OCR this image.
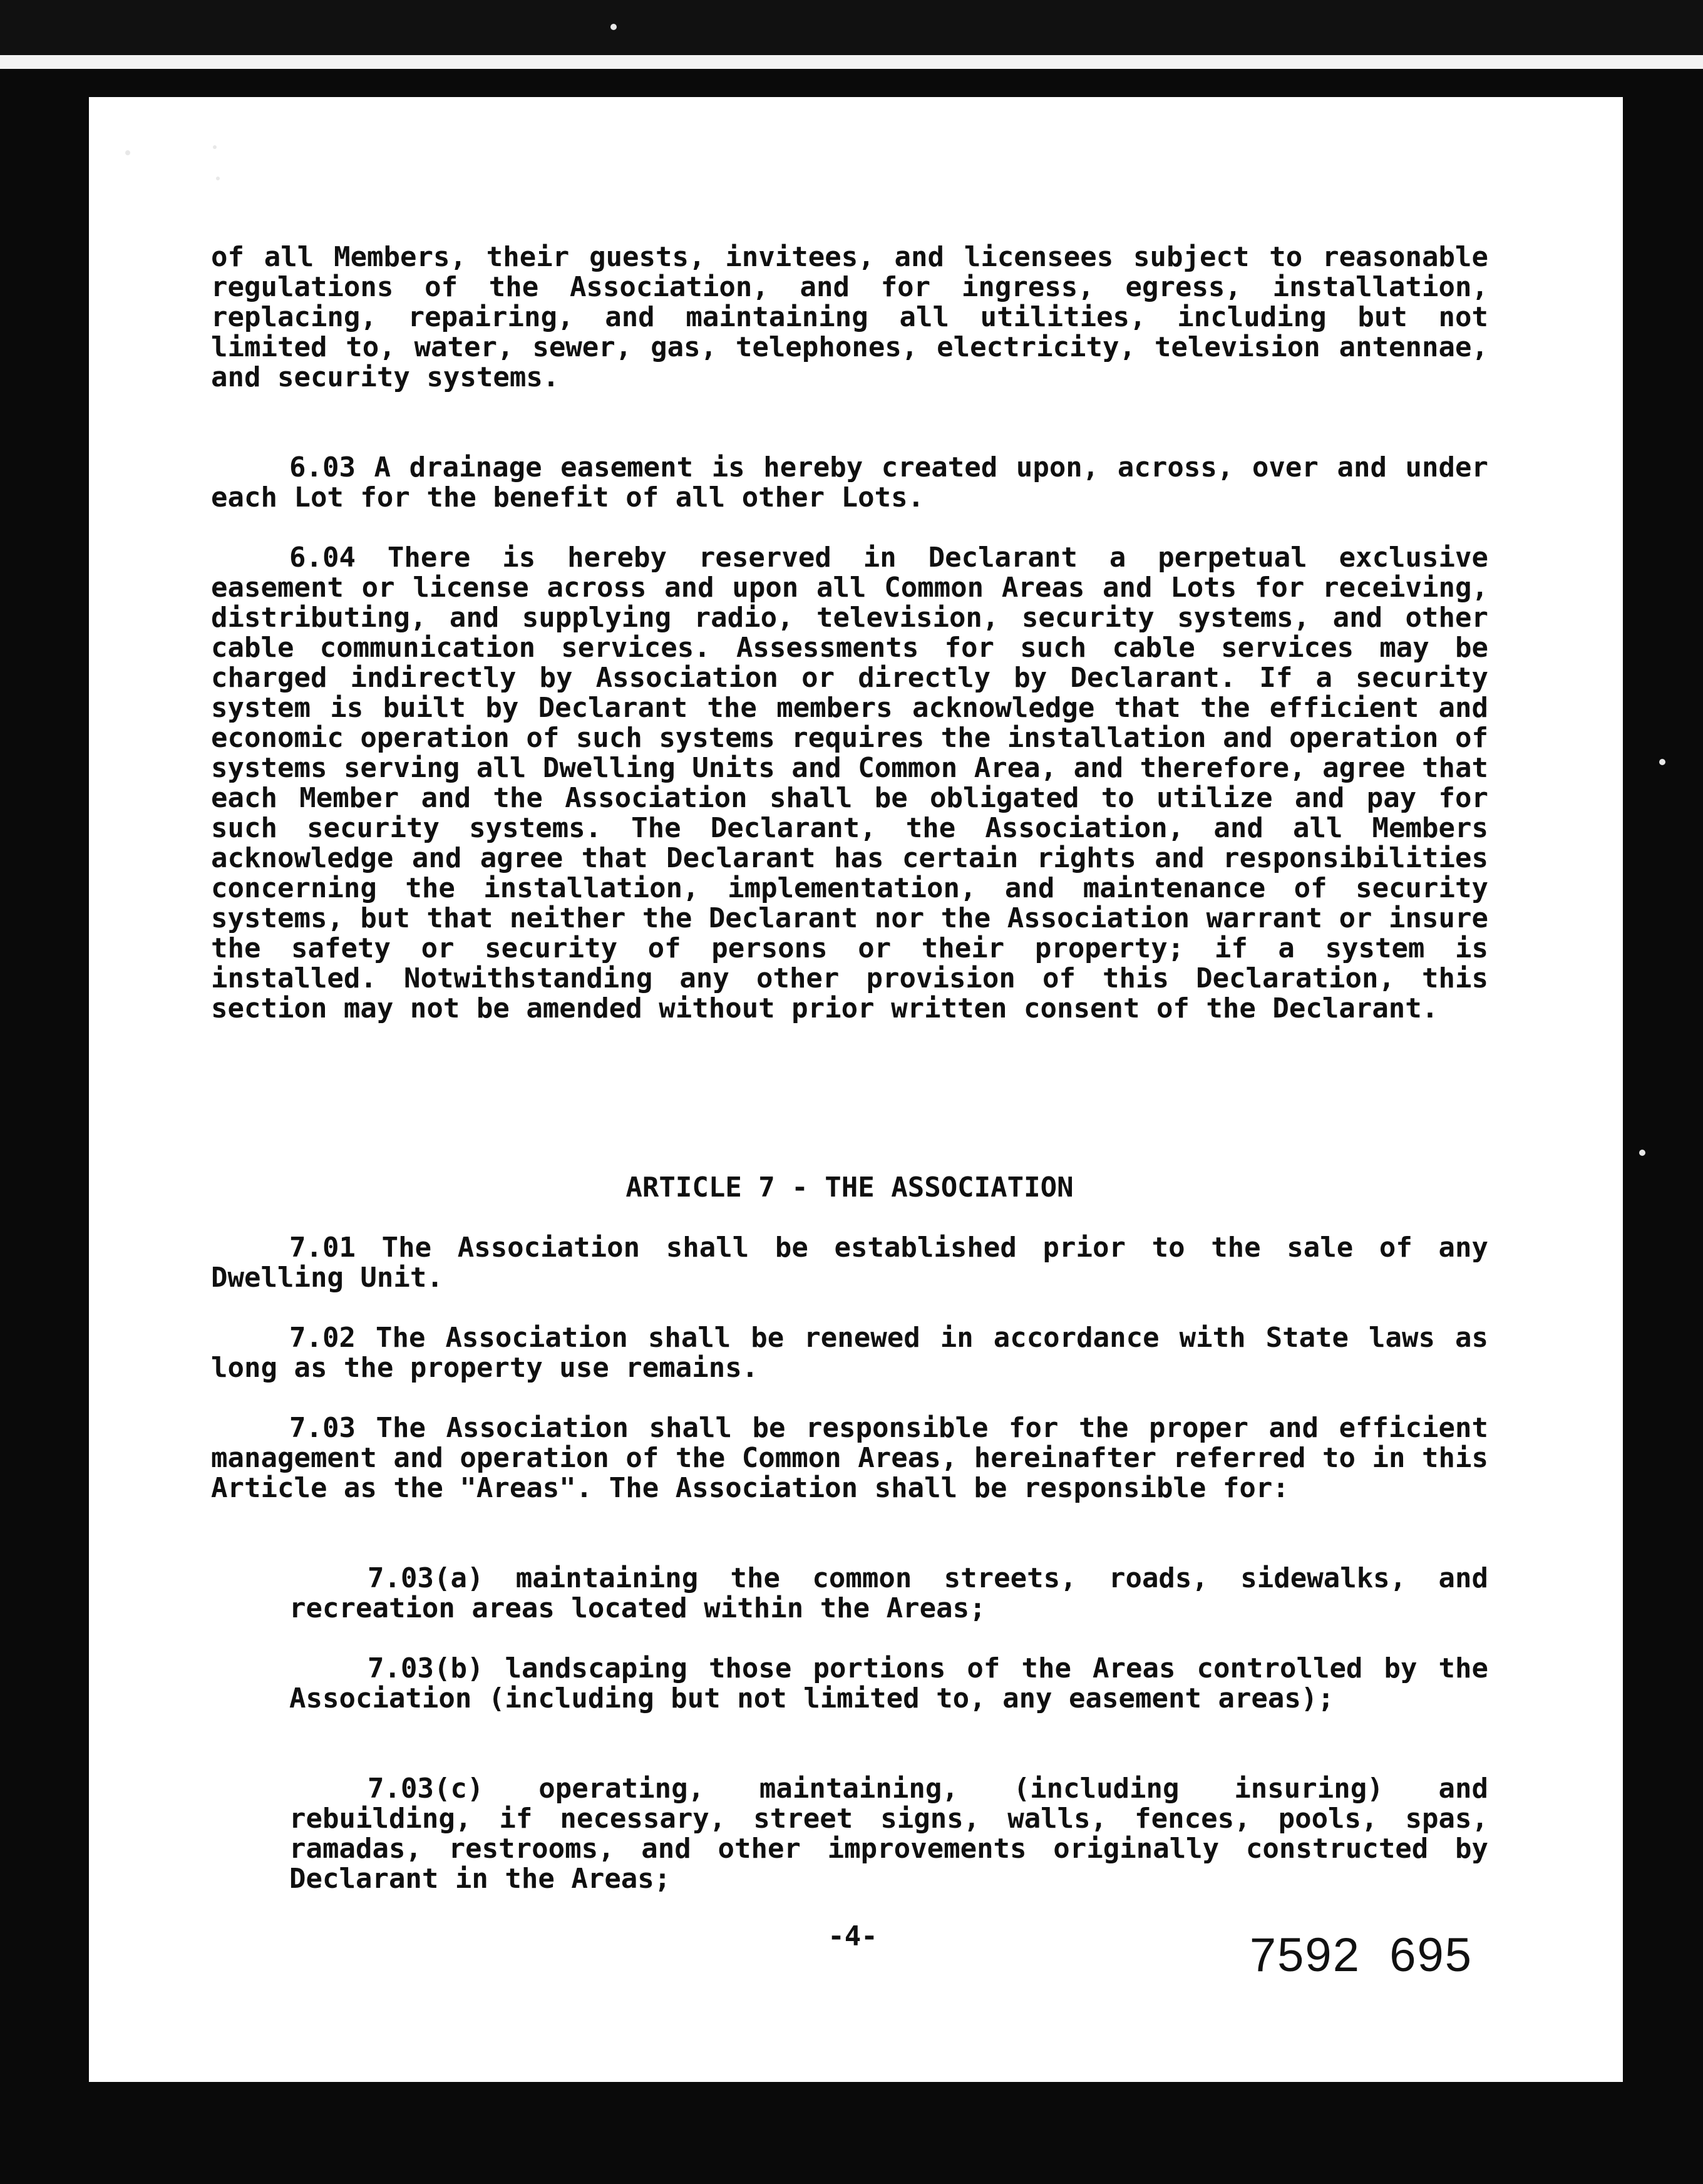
of all Members, their guests, invitees, and licensees subject to reasonable regulations of the Association, and for ingress, egress, installation, replacing, repairing, and maintaining all utilities, including but not limited to, water, sewer, gas, telephones, electricity, television antennae, and security systems.

6.03 A drainage easement is hereby created upon, across, over and under each Lot for the benefit of all other Lots.

6.04 There is hereby reserved in Declarant a perpetual exclusive easement or license across and upon all Common Areas and Lots for receiving, distributing, and supplying radio, television, security systems, and other cable communication services. Assessments for such cable services may be charged indirectly by Association or directly by Declarant. If a security system is built by Declarant the members acknowledge that the efficient and economic operation of such systems requires the installation and operation of systems serving all Dwelling Units and Common Area, and therefore, agree that each Member and the Association shall be obligated to utilize and pay for such security systems. The Declarant, the Association, and all Members acknowledge and agree that Declarant has certain rights and responsibilities concerning the installation, implementation, and maintenance of security systems, but that neither the Declarant nor the Association warrant or insure the safety or security of persons or their property; if a system is installed. Notwithstanding any other provision of this Declaration, this section may not be amended without prior written consent of the Declarant.

ARTICLE 7 - THE ASSOCIATION

7.01 The Association shall be established prior to the sale of any Dwelling Unit.

7.02 The Association shall be renewed in accordance with State laws as long as the property use remains.

7.03 The Association shall be responsible for the proper and efficient management and operation of the Common Areas, hereinafter referred to in this Article as the "Areas". The Association shall be responsible for:

7.03(a) maintaining the common streets, roads, sidewalks, and recreation areas located within the Areas;

7.03(b) landscaping those portions of the Areas controlled by the Association (including but not limited to, any easement areas);

7.03(c) operating, maintaining, (including insuring) and rebuilding, if necessary, street signs, walls, fences, pools, spas, ramadas, restrooms, and other improvements originally constructed by Declarant in the Areas;

-4-	7592  695
